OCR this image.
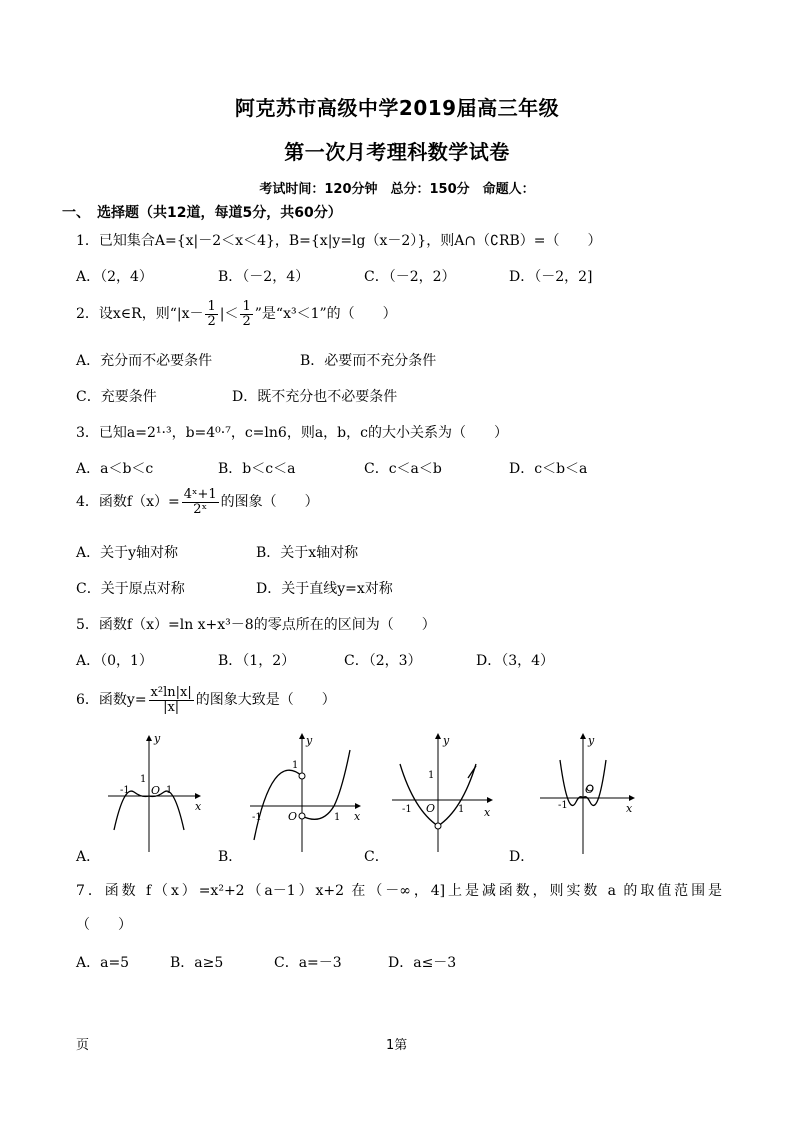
阿克苏市高级中学2019届高三年级
第一次月考理科数学试卷
考试时间：120分钟　总分：150分　命题人：
一、　选择题（共12道，每道5分，共60分）
1．已知集合A={x|－2＜x＜4}，B={x|y=lg（x－2）}，则A∩（∁RB）=（　　）
A．（2，4）	B．（－2，4）	C．（－2，2）	D．（－2，2]
2．设x∈R，则“$|x- \frac{1}{2}$ |＜ $\frac{1}{2}$ ”是“x³＜1”的（　　）
A．充分而不必要条件	B．必要而不充分条件
C．充要条件	D．既不充分也不必要条件
3．已知a=2¹·³，b=4⁰·⁷，c=ln6，则a，b，c的大小关系为（　　）
A．a＜b＜c	B．b＜c＜a	C．c＜a＜b	D．c＜b＜a
4．函数$f(x)= \frac{\text{4ˣ+1}}{\text{2ˣ}}$ 的图象（　　）
A．关于y轴对称	B．关于x轴对称
C．关于原点对称	D．关于直线y=x对称
5．函数f（x）=ln x+x³－8的零点所在的区间为（　　）
A．（0，1）	B．（1，2）	C．（2，3）	D．（3，4）
6．函数$y= \frac{\text{x²ln|x|}}{|x|}$ 的图象大致是（　　）
y
x
O
-1	1
1
A．
y
x
O
-1	1
1
B．
y
x
O
-1	1
1
C．
y
x
O
-1
D．
7．函数 f（x）=x²+2（a－1）x+2 在（－∞，4]上是减函数，则实数 a 的取值范围是
（　　）
A．a=5	B．a≥5	C．a=－3	D．a≤－3
页	1第
